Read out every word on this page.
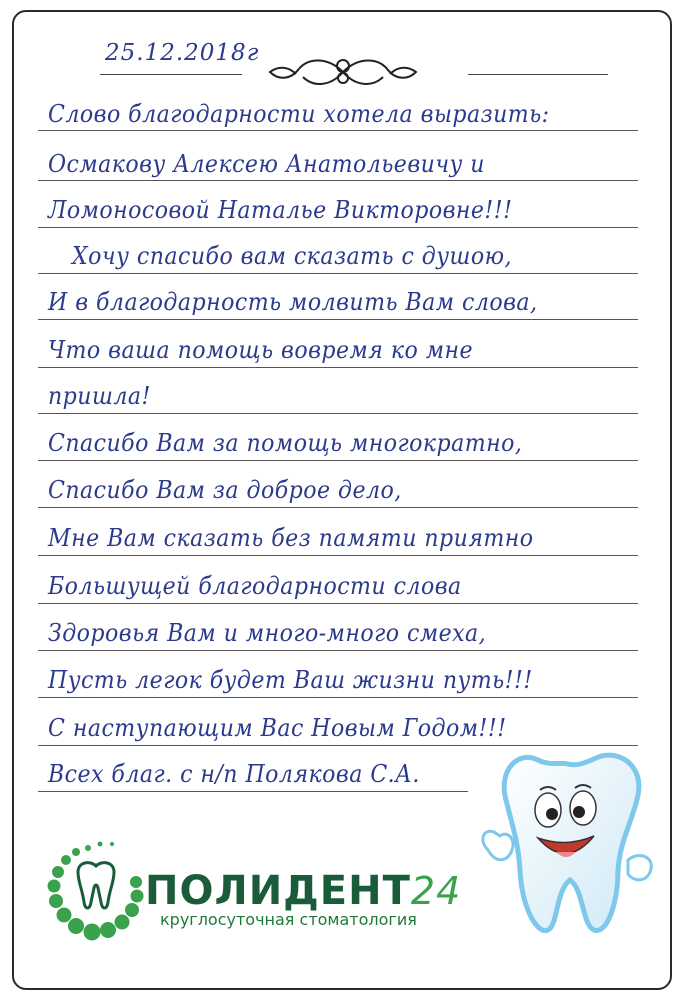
25.12.2018г
Слово благодарности хотела выразить:
Осмакову Алексею Анатольевичу и
Ломоносовой Наталье Викторовне!!!
Хочу спасибо вам сказать с душою,
И в благодарность молвить Вам слова,
Что ваша помощь вовремя ко мне
пришла!
Спасибо Вам за помощь многократно,
Спасибо Вам за доброе дело,
Мне Вам сказать без памяти приятно
Большущей благодарности слова
Здоровья Вам и много-много смеха,
Пусть легок будет Ваш жизни путь!!!
С наступающим Вас Новым Годом!!!
Всех благ. с н/п Полякова С.А.
ПОЛИДЕНТ24
круглосуточная стоматология
